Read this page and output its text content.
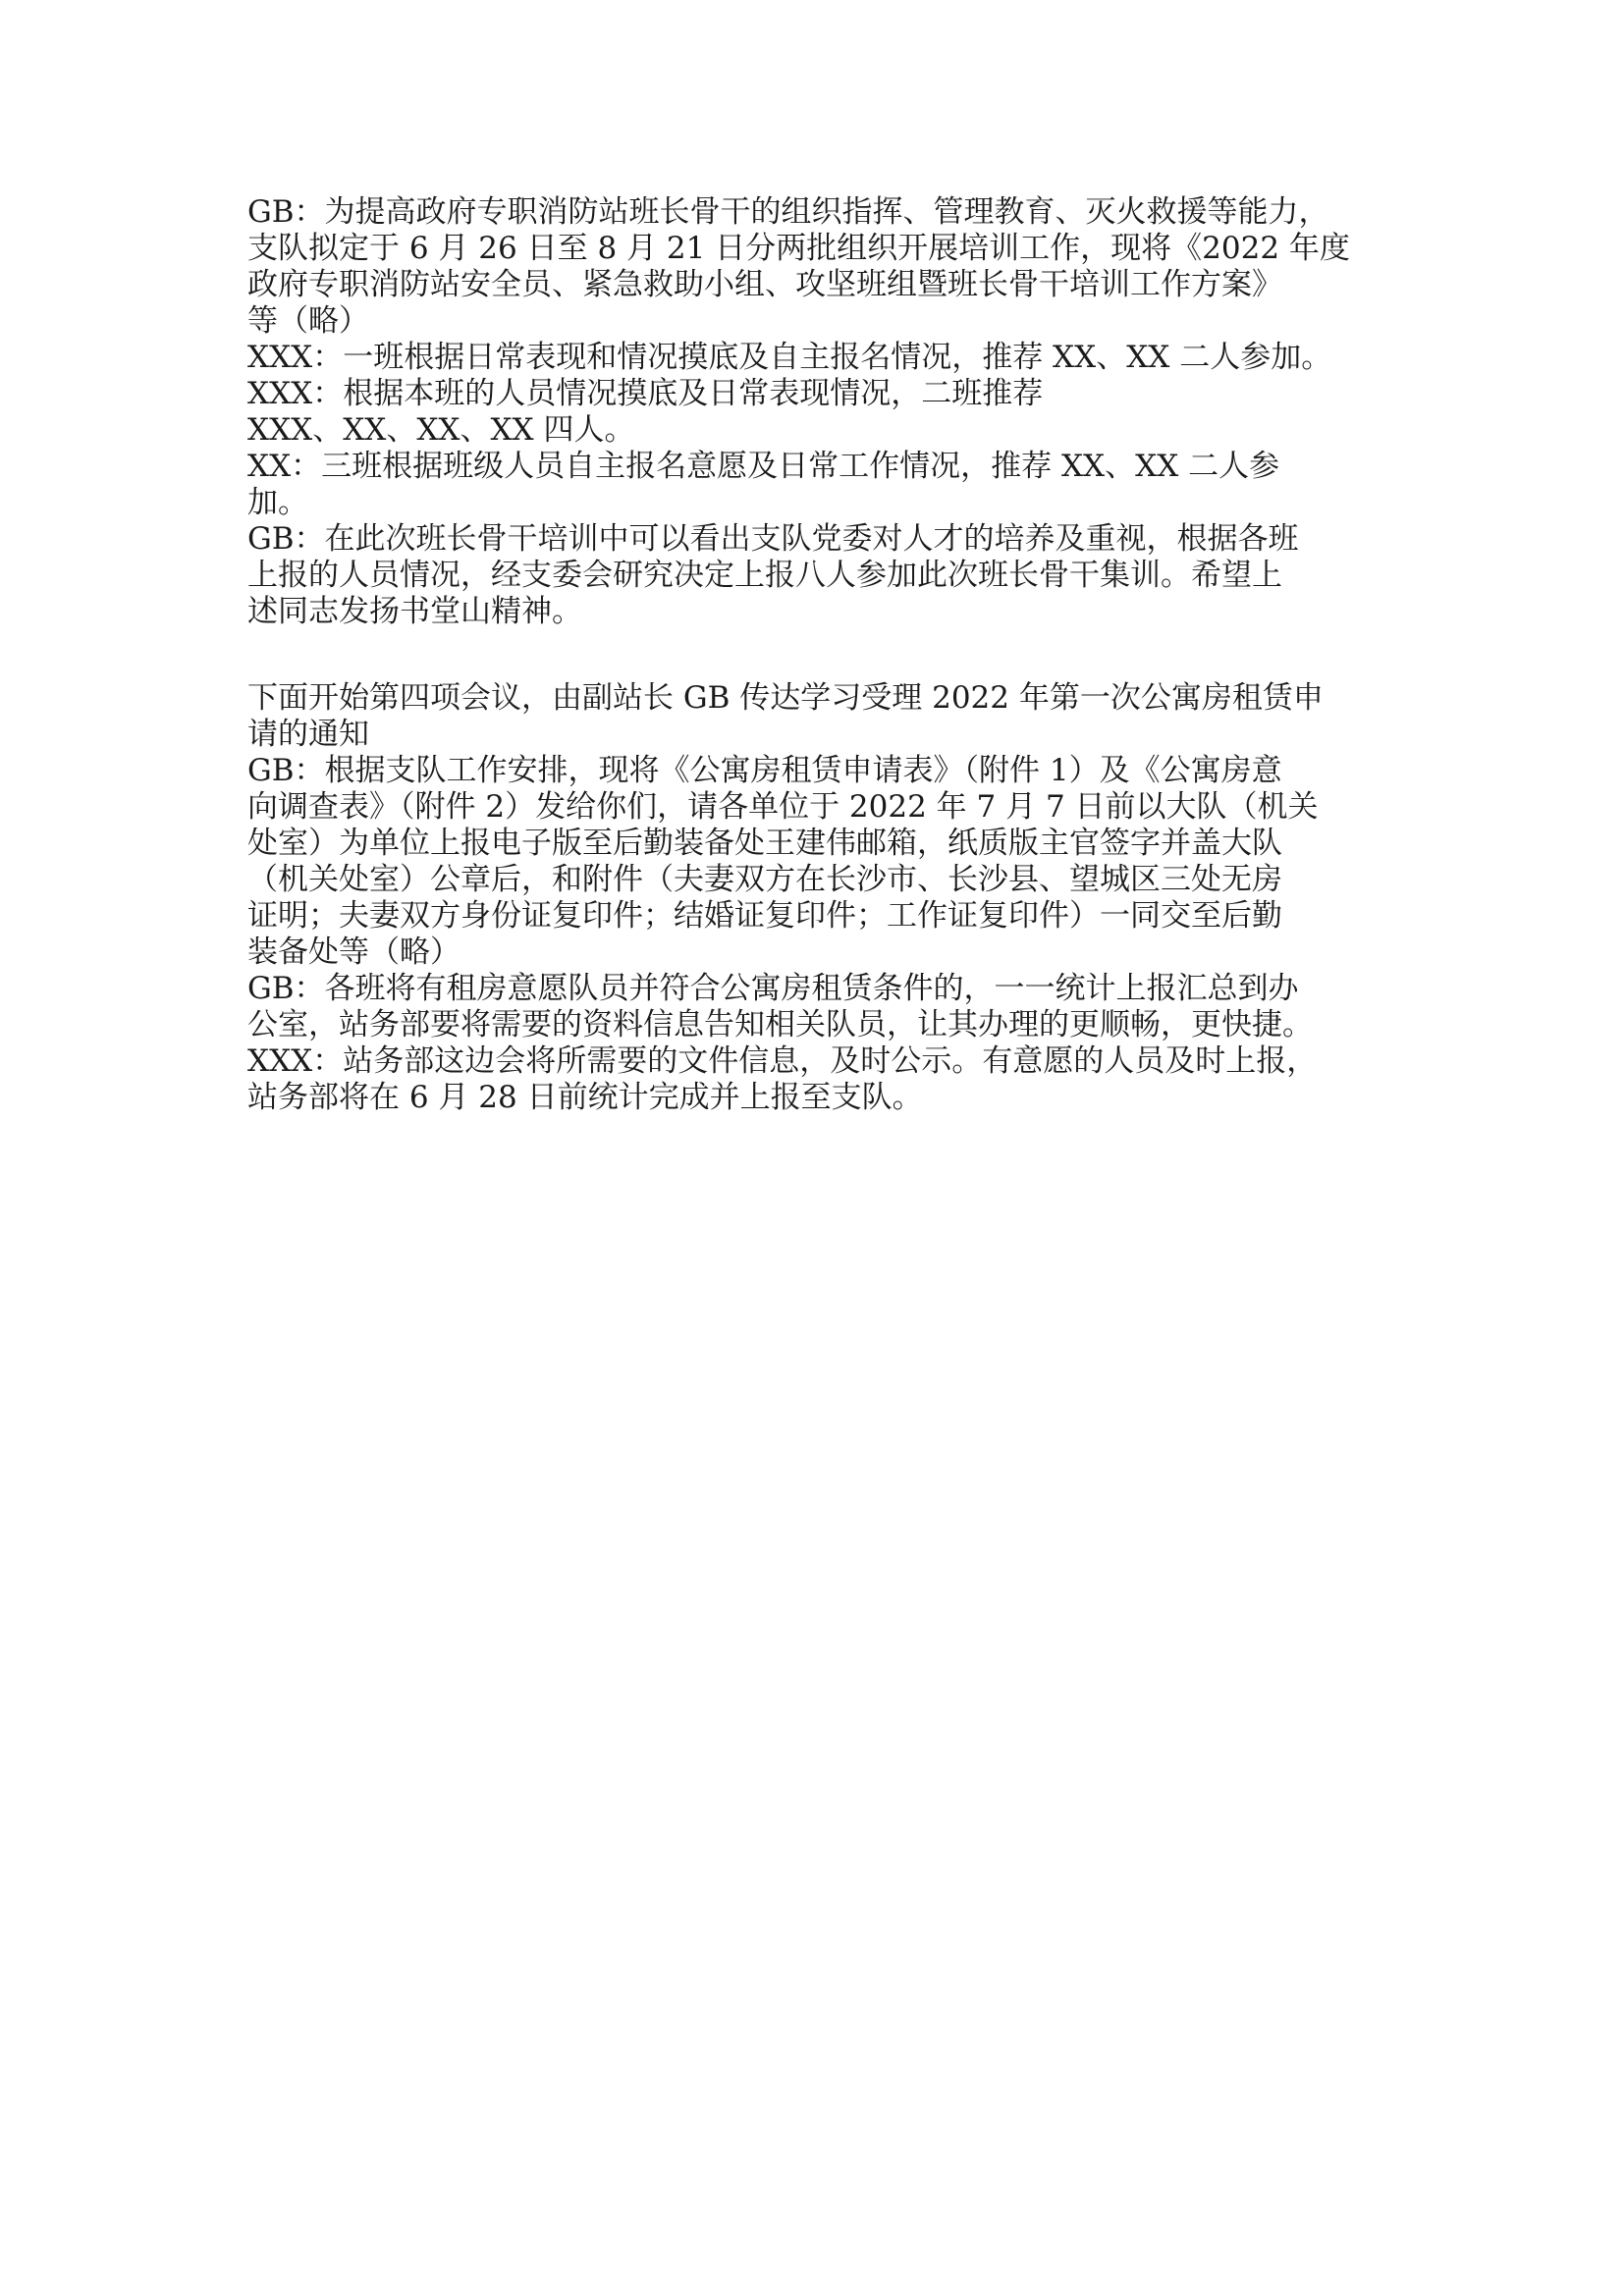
GB：为提高政府专职消防站班长骨干的组织指挥、管理教育、灭火救援等能力，
支队拟定于 6 月 26 日至 8 月 21 日分两批组织开展培训工作，现将《2022 年度
政府专职消防站安全员、紧急救助小组、攻坚班组暨班长骨干培训工作方案》
等（略）
XXX：一班根据日常表现和情况摸底及自主报名情况，推荐 XX、XX 二人参加。
XXX：根据本班的人员情况摸底及日常表现情况，二班推荐
XXX、XX、XX、XX 四人。
XX：三班根据班级人员自主报名意愿及日常工作情况，推荐 XX、XX 二人参
加。
GB：在此次班长骨干培训中可以看出支队党委对人才的培养及重视，根据各班
上报的人员情况，经支委会研究决定上报八人参加此次班长骨干集训。希望上
述同志发扬书堂山精神。
下面开始第四项会议，由副站长 GB 传达学习受理 2022 年第一次公寓房租赁申
请的通知
GB：根据支队工作安排，现将《公寓房租赁申请表》（附件 1）及《公寓房意
向调查表》（附件 2）发给你们，请各单位于 2022 年 7 月 7 日前以大队（机关
处室）为单位上报电子版至后勤装备处王建伟邮箱，纸质版主官签字并盖大队
（机关处室）公章后，和附件（夫妻双方在长沙市、长沙县、望城区三处无房
证明；夫妻双方身份证复印件；结婚证复印件；工作证复印件）一同交至后勤
装备处等（略）
GB：各班将有租房意愿队员并符合公寓房租赁条件的，一一统计上报汇总到办
公室，站务部要将需要的资料信息告知相关队员，让其办理的更顺畅，更快捷。
XXX：站务部这边会将所需要的文件信息，及时公示。有意愿的人员及时上报，
站务部将在 6 月 28 日前统计完成并上报至支队。
